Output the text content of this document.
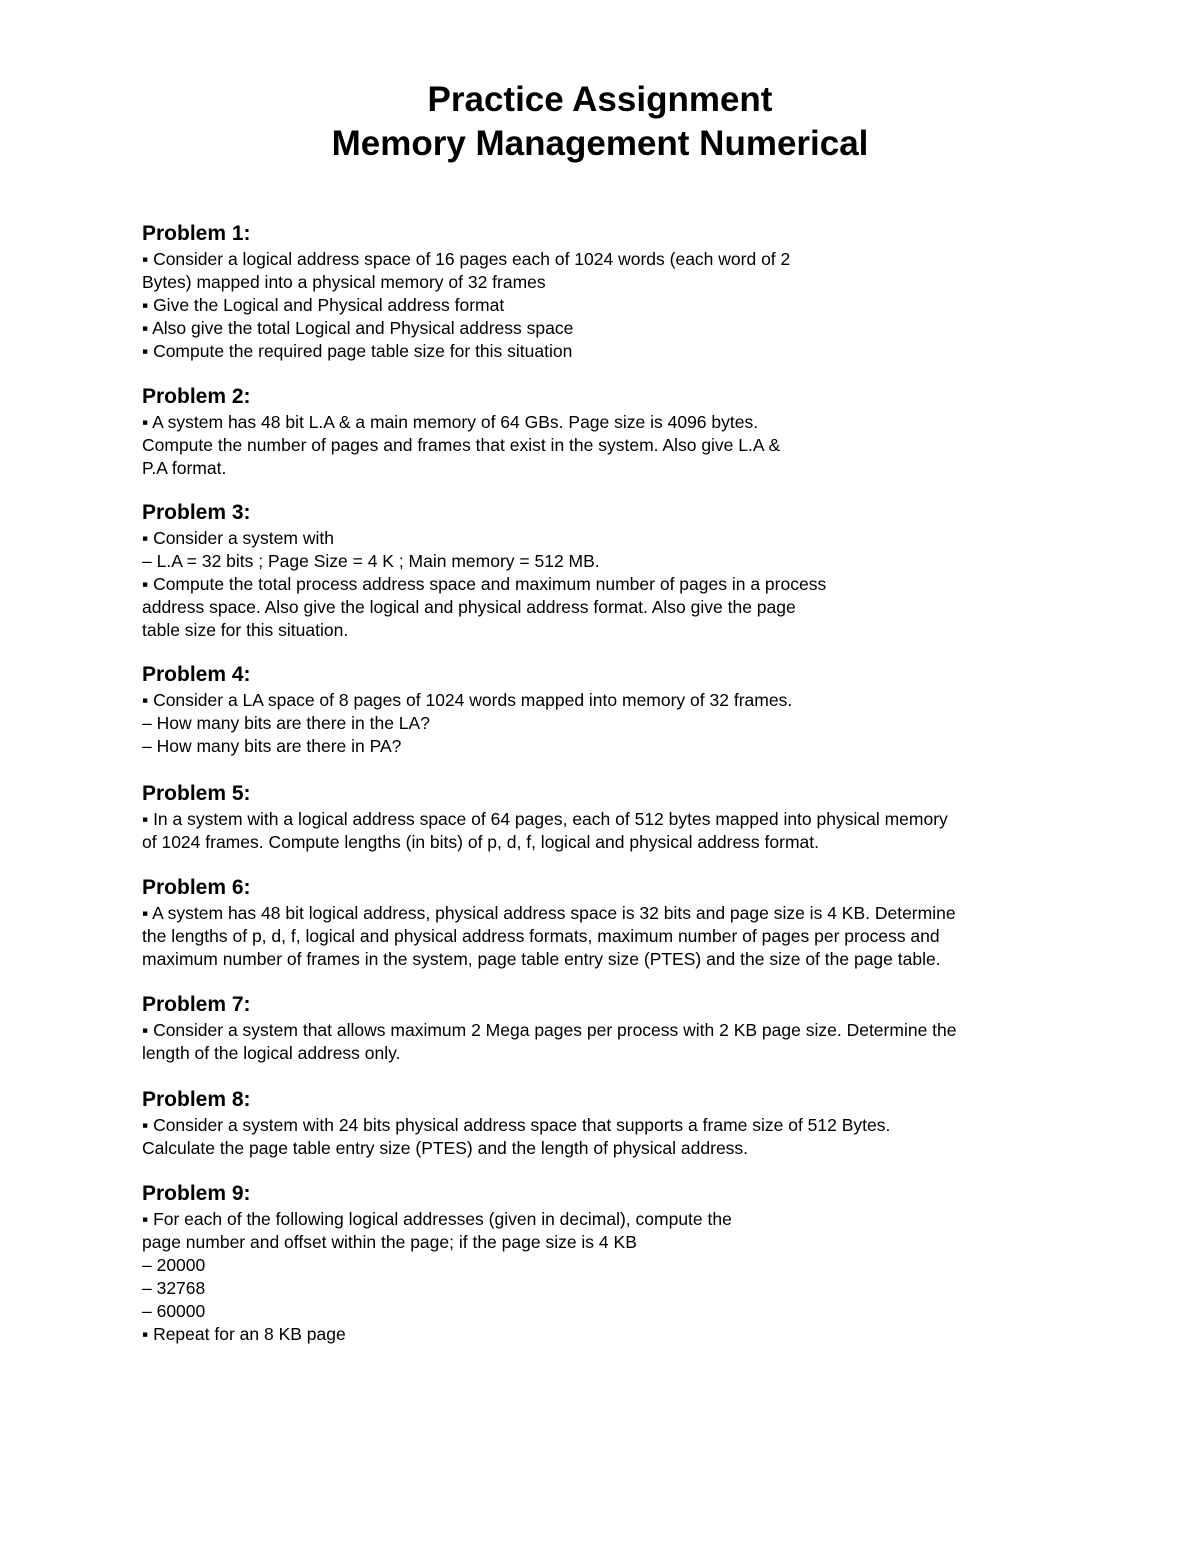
Practice Assignment
Memory Management Numerical
Problem 1:
▪ Consider a logical address space of 16 pages each of 1024 words (each word of 2
Bytes) mapped into a physical memory of 32 frames
▪ Give the Logical and Physical address format
▪ Also give the total Logical and Physical address space
▪ Compute the required page table size for this situation
Problem 2:
▪ A system has 48 bit L.A & a main memory of 64 GBs. Page size is 4096 bytes.
Compute the number of pages and frames that exist in the system. Also give L.A &
P.A format.
Problem 3:
▪ Consider a system with
– L.A = 32 bits ; Page Size = 4 K ; Main memory = 512 MB.
▪ Compute the total process address space and maximum number of pages in a process
address space. Also give the logical and physical address format. Also give the page
table size for this situation.
Problem 4:
▪ Consider a LA space of 8 pages of 1024 words mapped into memory of 32 frames.
– How many bits are there in the LA?
– How many bits are there in PA?
Problem 5:
▪ In a system with a logical address space of 64 pages, each of 512 bytes mapped into physical memory
of 1024 frames. Compute lengths (in bits) of p, d, f, logical and physical address format.
Problem 6:
▪ A system has 48 bit logical address, physical address space is 32 bits and page size is 4 KB. Determine
the lengths of p, d, f, logical and physical address formats, maximum number of pages per process and
maximum number of frames in the system, page table entry size (PTES) and the size of the page table.
Problem 7:
▪ Consider a system that allows maximum 2 Mega pages per process with 2 KB page size. Determine the
length of the logical address only.
Problem 8:
▪ Consider a system with 24 bits physical address space that supports a frame size of 512 Bytes.
Calculate the page table entry size (PTES) and the length of physical address.
Problem 9:
▪ For each of the following logical addresses (given in decimal), compute the
page number and offset within the page; if the page size is 4 KB
– 20000
– 32768
– 60000
▪ Repeat for an 8 KB page
